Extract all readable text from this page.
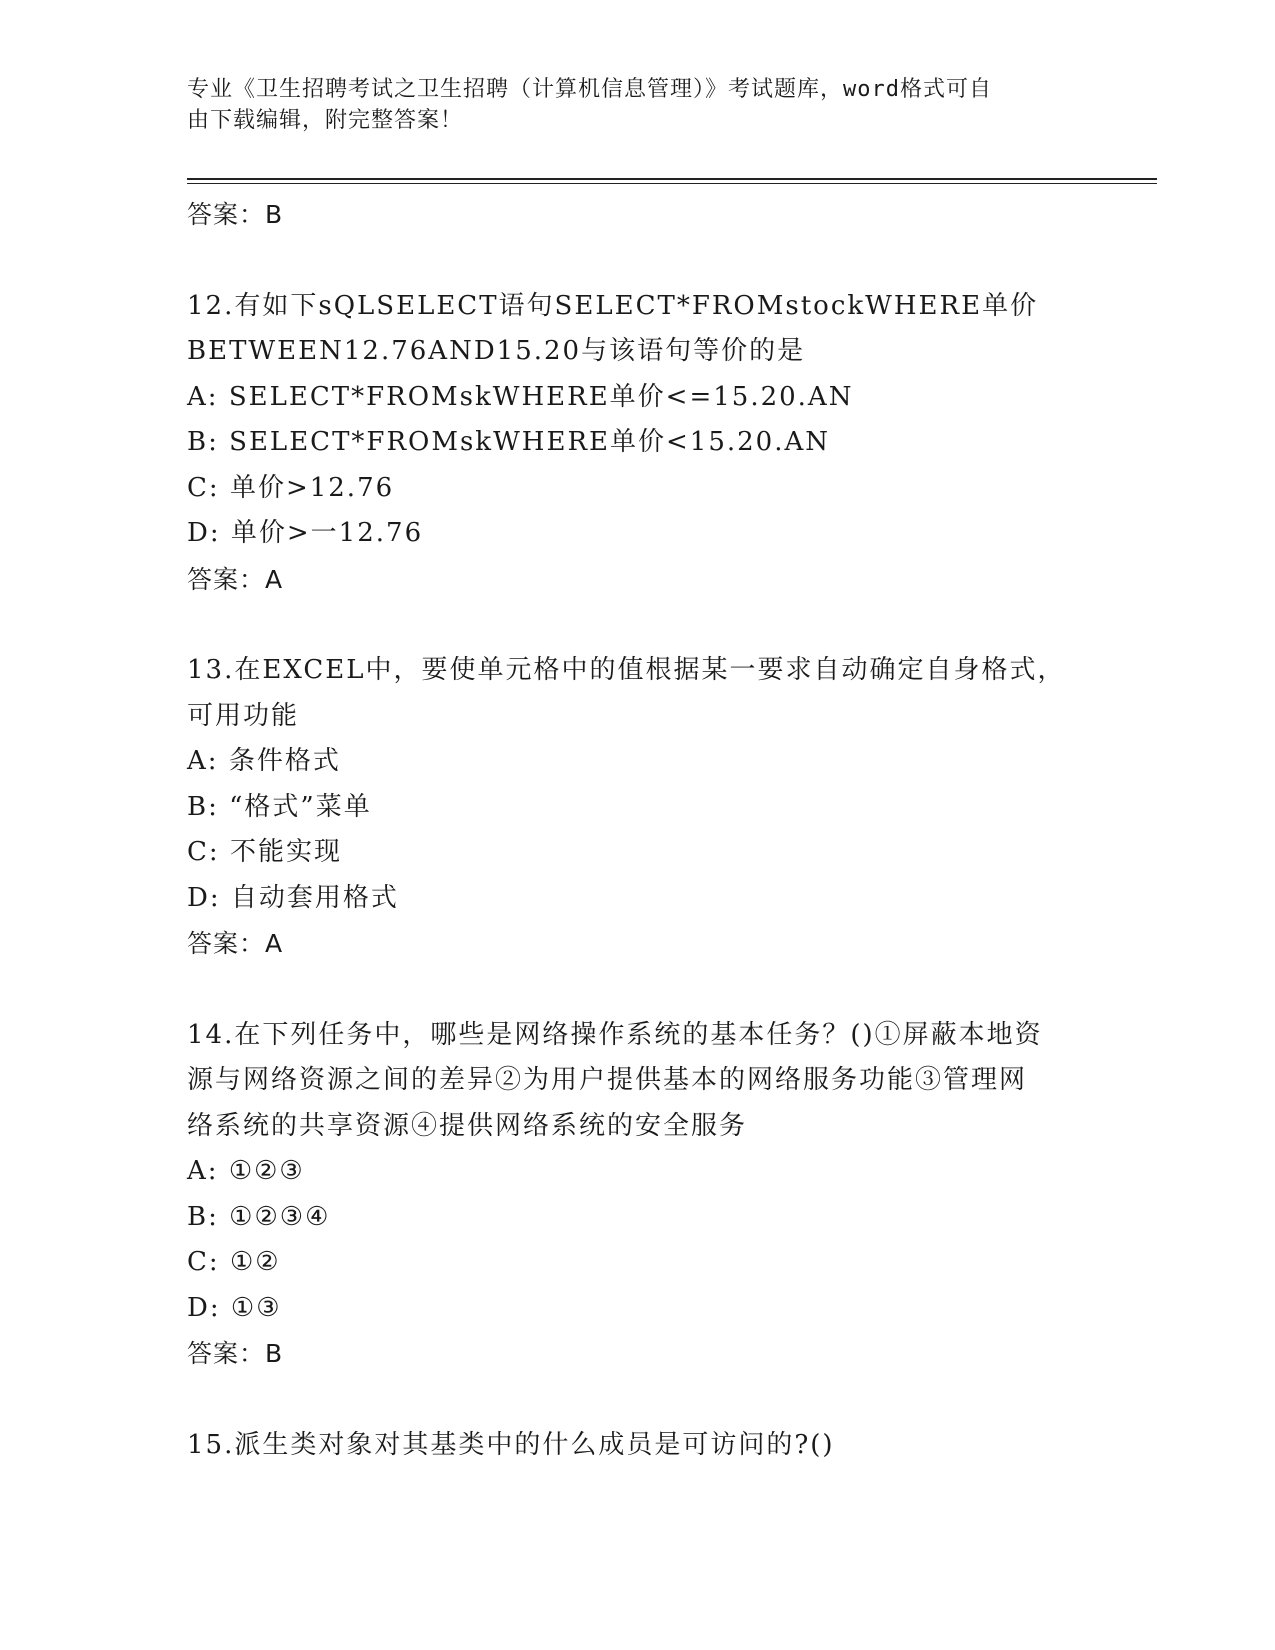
专业《卫生招聘考试之卫生招聘（计算机信息管理）》考试题库，word格式可自
由下载编辑，附完整答案！
答案：B
12.有如下sQLSELECT语句SELECT*FROMstockWHERE单价
BETWEEN12.76AND15.20与该语句等价的是
A: SELECT*FROMskWHERE单价<=15.20.AN
B: SELECT*FROMskWHERE单价<15.20.AN
C: 单价>12.76
D: 单价>一12.76
答案：A
13.在EXCEL中，要使单元格中的值根据某一要求自动确定自身格式，
可用功能
A: 条件格式
B: “格式”菜单
C: 不能实现
D: 自动套用格式
答案：A
14.在下列任务中，哪些是网络操作系统的基本任务？()①屏蔽本地资
源与网络资源之间的差异②为用户提供基本的网络服务功能③管理网
络系统的共享资源④提供网络系统的安全服务
A: ①②③
B: ①②③④
C: ①②
D: ①③
答案：B
15.派生类对象对其基类中的什么成员是可访问的?()
